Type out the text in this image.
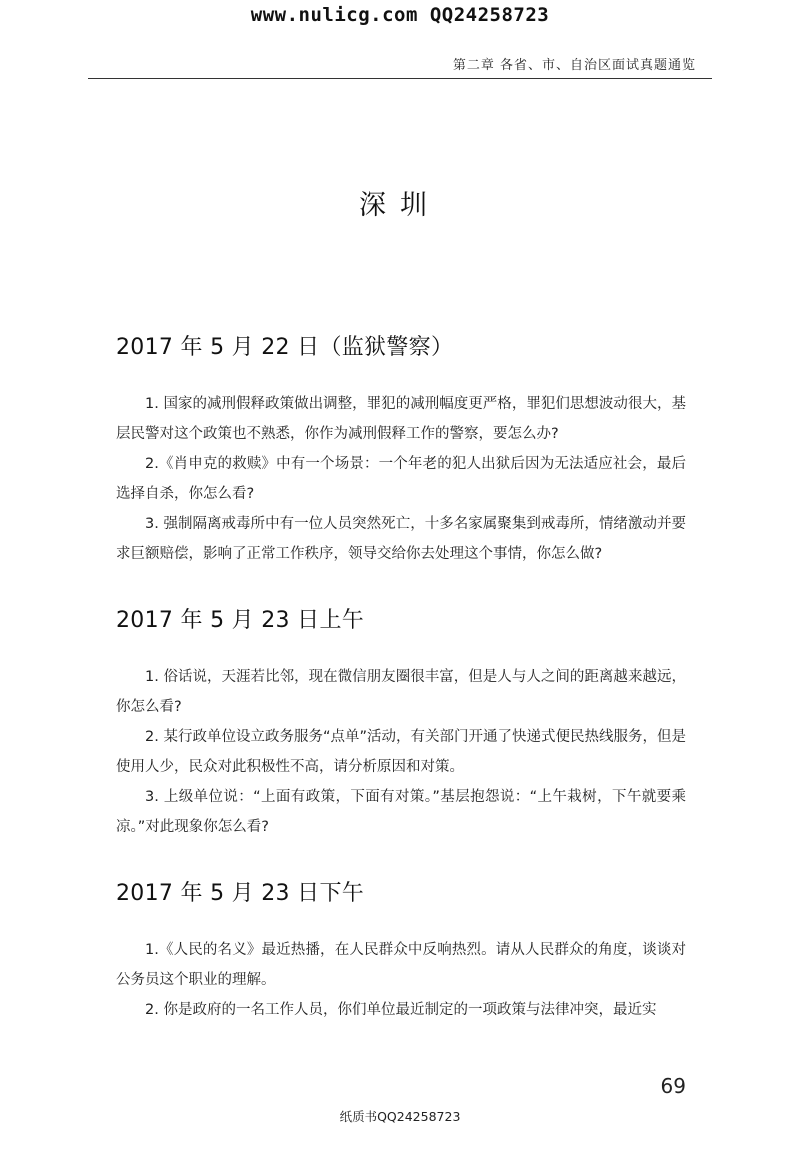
www.nulicg.com QQ24258723
第二章 各省、市、自治区面试真题通览
深圳
2017 年 5 月 22 日（监狱警察）

1. 国家的减刑假释政策做出调整，罪犯的减刑幅度更严格，罪犯们思想波动很大，基层民警对这个政策也不熟悉，你作为减刑假释工作的警察，要怎么办?

2.《肖申克的救赎》中有一个场景：一个年老的犯人出狱后因为无法适应社会，最后选择自杀，你怎么看?

3. 强制隔离戒毒所中有一位人员突然死亡，十多名家属聚集到戒毒所，情绪激动并要求巨额赔偿，影响了正常工作秩序，领导交给你去处理这个事情，你怎么做?

2017 年 5 月 23 日上午

1. 俗话说，天涯若比邻，现在微信朋友圈很丰富，但是人与人之间的距离越来越远，你怎么看?

2. 某行政单位设立政务服务“点单”活动，有关部门开通了快递式便民热线服务，但是使用人少，民众对此积极性不高，请分析原因和对策。

3. 上级单位说：“上面有政策，下面有对策。”基层抱怨说：“上午栽树，下午就要乘凉。”对此现象你怎么看?

2017 年 5 月 23 日下午

1.《人民的名义》最近热播，在人民群众中反响热烈。请从人民群众的角度，谈谈对公务员这个职业的理解。

2. 你是政府的一名工作人员，你们单位最近制定的一项政策与法律冲突，最近实

69
纸质书QQ24258723
